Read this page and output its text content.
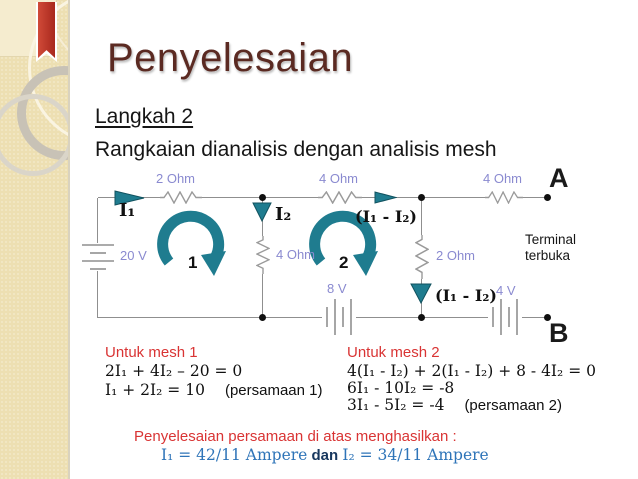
Penyelesaian
Langkah 2
Rangkaian dianalisis dengan analisis mesh
2 Ohm	4 Ohm	4 Ohm
20 V	4 Ohm	2 Ohm
8 V	4 V
I₁	I₂	(I₁ - I₂)
(I₁ - I₂)
1	2
A
B
Terminal
terbuka
Untuk mesh 1
2I₁ + 4I₂ – 20 = 0
I₁ + 2I₂ = 10 (persamaan 1)
Untuk mesh 2
4(I₁ - I₂) + 2(I₁ - I₂) + 8 - 4I₂ = 0
6I₁ - 10I₂ = -8
3I₁ - 5I₂ = -4 (persamaan 2)
Penyelesaian persamaan di atas menghasilkan :
I₁ = 42/11 Ampere dan I₂ = 34/11 Ampere
